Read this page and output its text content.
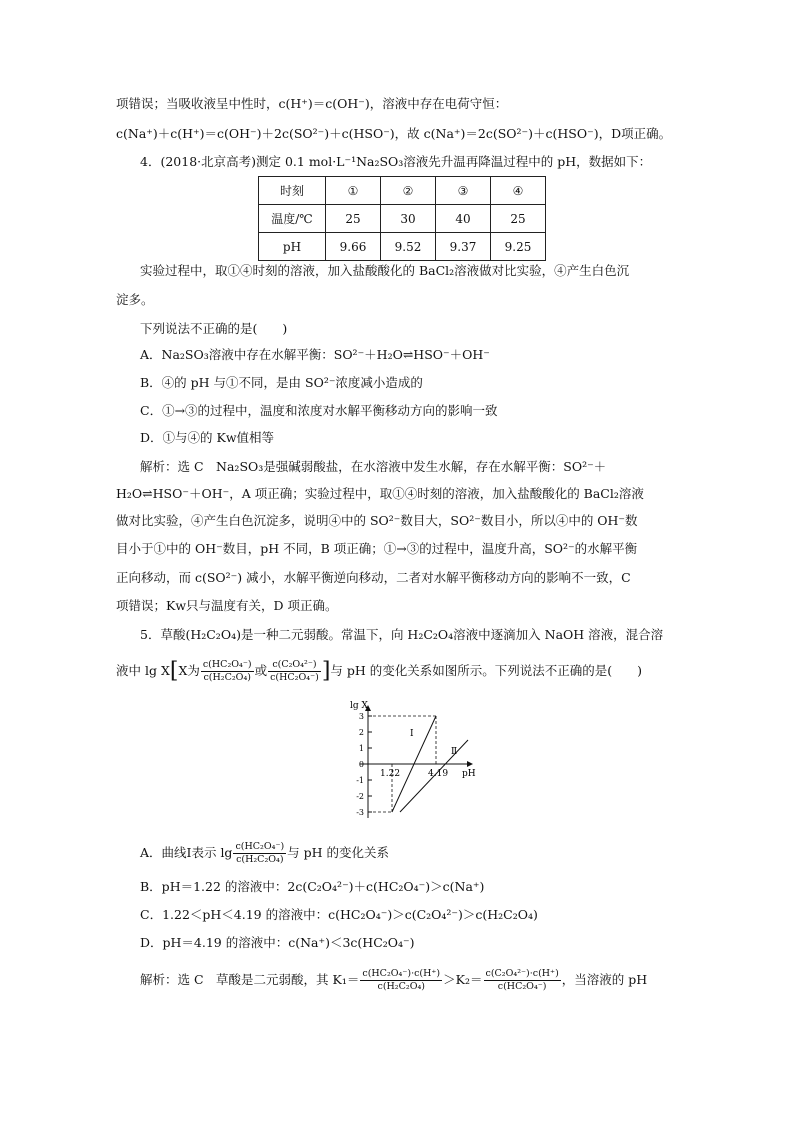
项错误；当吸收液呈中性时，c(H⁺)＝c(OH⁻)，溶液中存在电荷守恒：
c(Na⁺)＋c(H⁺)＝c(OH⁻)＋2c(SO²⁻)＋c(HSO⁻)，故 c(Na⁺)＝2c(SO²⁻)＋c(HSO⁻)，D项正确。
4．(2018·北京高考)测定 0.1 mol·L⁻¹Na₂SO₃溶液先升温再降温过程中的 pH，数据如下：
时刻	①	②	③	④
温度/℃	25	30	40	25
pH	9.66	9.52	9.37	9.25
实验过程中，取①④时刻的溶液，加入盐酸酸化的 BaCl₂溶液做对比实验，④产生白色沉
淀多。
下列说法不正确的是(　　)
A．Na₂SO₃溶液中存在水解平衡：SO²⁻＋H₂O⇌HSO⁻＋OH⁻
B．④的 pH 与①不同，是由 SO²⁻浓度减小造成的
C．①→③的过程中，温度和浓度对水解平衡移动方向的影响一致
D．①与④的 Kw值相等
解析：选 C　Na₂SO₃是强碱弱酸盐，在水溶液中发生水解，存在水解平衡：SO²⁻＋
H₂O⇌HSO⁻＋OH⁻，A 项正确；实验过程中，取①④时刻的溶液，加入盐酸酸化的 BaCl₂溶液
做对比实验，④产生白色沉淀多，说明④中的 SO²⁻数目大，SO²⁻数目小，所以④中的 OH⁻数
目小于①中的 OH⁻数目，pH 不同，B 项正确；①→③的过程中，温度升高，SO²⁻的水解平衡
正向移动，而 c(SO²⁻) 减小，水解平衡逆向移动，二者对水解平衡移动方向的影响不一致，C
项错误；Kw只与温度有关，D 项正确。
5．草酸(H₂C₂O₄)是一种二元弱酸。常温下，向 H₂C₂O₄溶液中逐滴加入 NaOH 溶液，混合溶
液中 lg X[X为 $\frac{\text{c(HC₂O₄⁻)}}{\text{c(H₂C₂O₄)}}$ 或 $\frac{\text{c(C₂O₄²⁻)}}{\text{c(HC₂O₄⁻)}}$ ]与 pH 的变化关系如图所示。下列说法不正确的是(　　)
lg X
pH
3
2
1
0
-1
-2
-3
Ⅰ
Ⅱ
1.22	4.19
A．曲线Ⅰ表示 $\lg \frac{\text{c(HC₂O₄⁻)}}{\text{c(H₂C₂O₄)}}$ 与 pH 的变化关系
B．pH＝1.22 的溶液中：2c(C₂O₄²⁻)＋c(HC₂O₄⁻)＞c(Na⁺)
C．1.22＜pH＜4.19 的溶液中：c(HC₂O₄⁻)＞c(C₂O₄²⁻)＞c(H₂C₂O₄)
D．pH＝4.19 的溶液中：c(Na⁺)＜3c(HC₂O₄⁻)
解析：选 C　草酸是二元弱酸，其 $K_1= \frac{\text{c(HC₂O₄⁻)·c(H⁺)}}{\text{c(H₂C₂O₄)}} >K_2= \frac{\text{c(C₂O₄²⁻)·c(H⁺)}}{\text{c(HC₂O₄⁻)}}$ ，当溶液的 pH
